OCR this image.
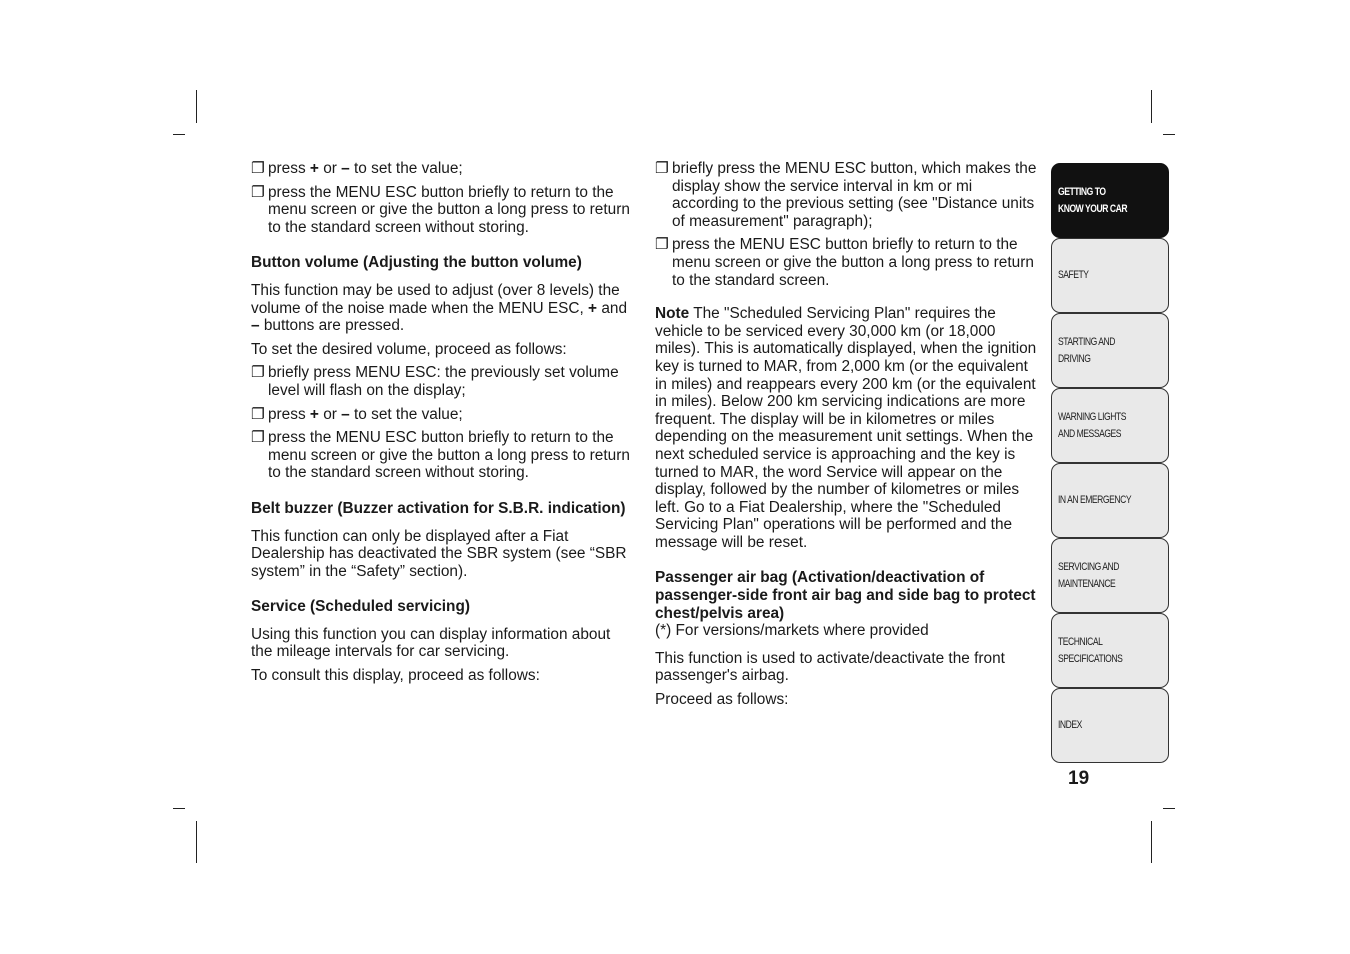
❐ press + or – to set the value;
❐ press the MENU ESC button briefly to return to the menu screen or give the button a long press to return to the standard screen without storing.
Button volume (Adjusting the button volume)
This function may be used to adjust (over 8 levels) the volume of the noise made when the MENU ESC, + and – buttons are pressed.
To set the desired volume, proceed as follows:
❐ briefly press MENU ESC: the previously set volume level will flash on the display;
❐ press + or – to set the value;
❐ press the MENU ESC button briefly to return to the menu screen or give the button a long press to return to the standard screen without storing.
Belt buzzer (Buzzer activation for S.B.R. indication)
This function can only be displayed after a Fiat Dealership has deactivated the SBR system (see “SBR system” in the “Safety” section).
Service (Scheduled servicing)
Using this function you can display information about the mileage intervals for car servicing.
To consult this display, proceed as follows:
❐ briefly press the MENU ESC button, which makes the display show the service interval in km or mi according to the previous setting (see "Distance units of measurement" paragraph);
❐ press the MENU ESC button briefly to return to the menu screen or give the button a long press to return to the standard screen.
Note The "Scheduled Servicing Plan" requires the vehicle to be serviced every 30,000 km (or 18,000 miles). This is automatically displayed, when the ignition key is turned to MAR, from 2,000 km (or the equivalent in miles) and reappears every 200 km (or the equivalent in miles). Below 200 km servicing indications are more frequent. The display will be in kilometres or miles depending on the measurement unit settings. When the next scheduled service is approaching and the key is turned to MAR, the word Service will appear on the display, followed by the number of kilometres or miles left. Go to a Fiat Dealership, where the "Scheduled Servicing Plan" operations will be performed and the message will be reset.
Passenger air bag (Activation/deactivation of passenger-side front air bag and side bag to protect chest/pelvis area)
(*) For versions/markets where provided
This function is used to activate/deactivate the front passenger's airbag.
Proceed as follows:
GETTING TO
KNOW YOUR CAR
SAFETY
STARTING AND
DRIVING
WARNING LIGHTS
AND MESSAGES
IN AN EMERGENCY
SERVICING AND
MAINTENANCE
TECHNICAL
SPECIFICATIONS
INDEX
19
